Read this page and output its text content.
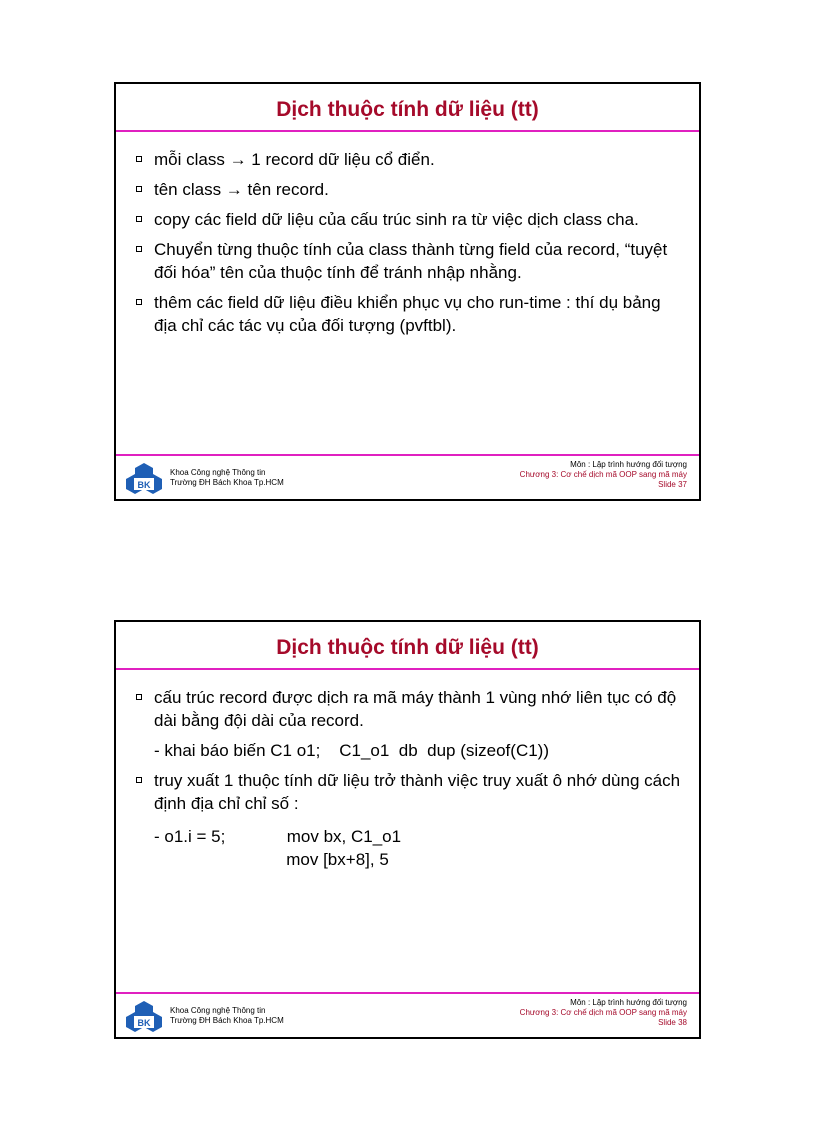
Dịch thuộc tính dữ liệu (tt)
mỗi class → 1 record dữ liệu cổ điển.
tên class → tên record.
copy các field dữ liệu của cấu trúc sinh ra từ việc dịch class cha.
Chuyển từng thuộc tính của class thành từng field của record, “tuyệt đối hóa” tên của thuộc tính để tránh nhập nhằng.
thêm các field dữ liệu điều khiển phục vụ cho run-time : thí dụ bảng địa chỉ các tác vụ của đối tượng (pvftbl).
BK
Khoa Công nghệ Thông tin
Trường ĐH Bách Khoa Tp.HCM
Môn : Lập trình hướng đối tượng
Chương 3: Cơ chế dịch mã OOP sang mã máy
Slide 37
Dịch thuộc tính dữ liệu (tt)
cấu trúc record được dịch ra mã máy thành 1 vùng nhớ liên tục có độ dài bằng đội dài của record.
- khai báo biến C1 o1;    C1_o1  db  dup (sizeof(C1))
truy xuất 1 thuộc tính dữ liệu trở thành việc truy xuất ô nhớ dùng cách định địa chỉ chỉ số :
- o1.i = 5;             mov bx, C1_o1
mov [bx+8], 5
BK
Khoa Công nghệ Thông tin
Trường ĐH Bách Khoa Tp.HCM
Môn : Lập trình hướng đối tượng
Chương 3: Cơ chế dịch mã OOP sang mã máy
Slide 38
